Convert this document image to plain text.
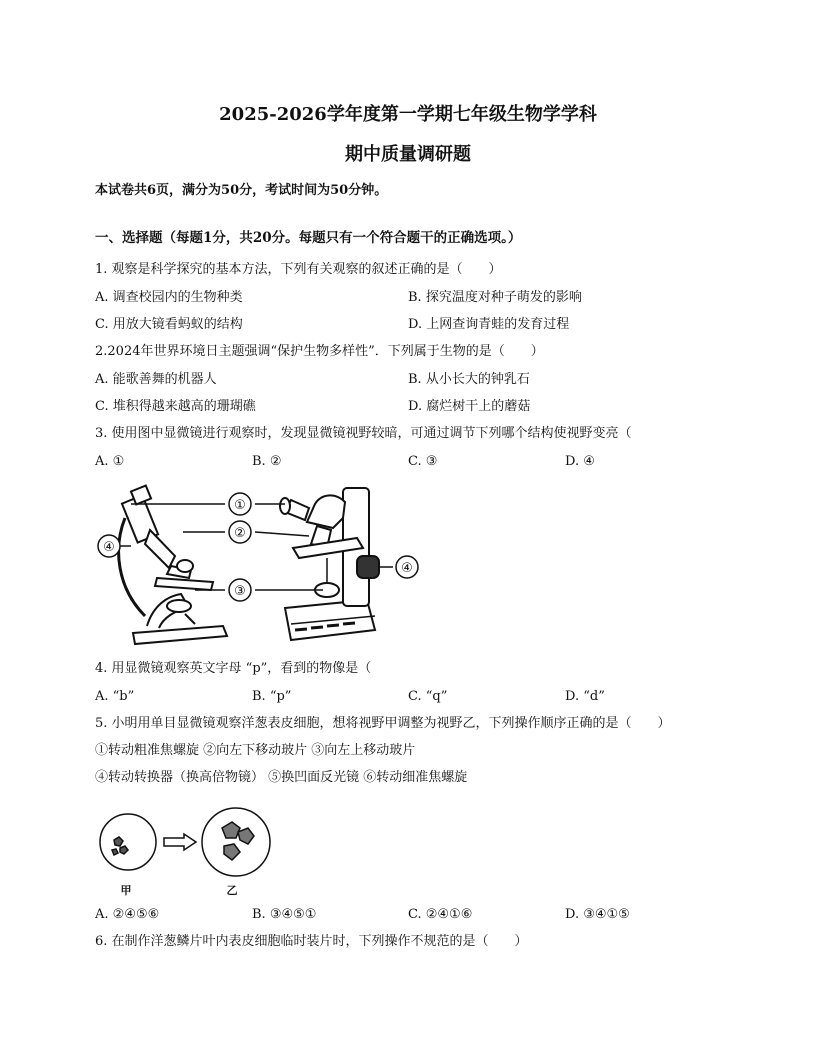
2025-2026学年度第一学期七年级生物学学科
期中质量调研题
本试卷共6页，满分为50分，考试时间为50分钟。
一、选择题（每题1分，共20分。每题只有一个符合题干的正确选项。）
1. 观察是科学探究的基本方法，下列有关观察的叙述正确的是（　　）
A. 调查校园内的生物种类	B. 探究温度对种子萌发的影响
C. 用放大镜看蚂蚁的结构	D. 上网查询青蛙的发育过程
2.2024年世界环境日主题强调“保护生物多样性”．下列属于生物的是（　　）
A. 能歌善舞的机器人	B. 从小长大的钟乳石
C. 堆积得越来越高的珊瑚礁	D. 腐烂树干上的蘑菇
3. 使用图中显微镜进行观察时，发现显微镜视野较暗，可通过调节下列哪个结构使视野变亮（
A. ①	B. ②	C. ③	D. ④
①
②
③
④
④
4. 用显微镜观察英文字母 “p”，看到的物像是（
A. “b”	B. “p”	C. “q”	D. “d”
5. 小明用单目显微镜观察洋葱表皮细胞，想将视野甲调整为视野乙，下列操作顺序正确的是（　　）
①转动粗准焦螺旋 ②向左下移动玻片 ③向左上移动玻片
④转动转换器（换高倍物镜） ⑤换凹面反光镜 ⑥转动细准焦螺旋
甲	乙
A. ②④⑤⑥	B. ③④⑤①	C. ②④①⑥	D. ③④①⑤
6. 在制作洋葱鳞片叶内表皮细胞临时装片时，下列操作不规范的是（　　）
